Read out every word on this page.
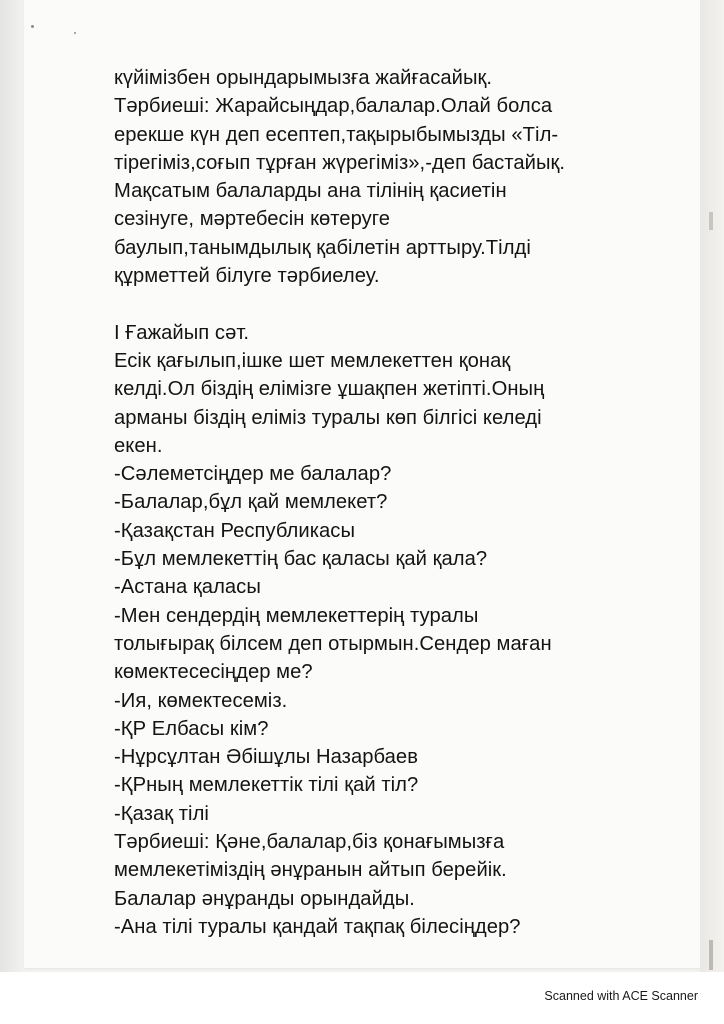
күйімізбен орындарымызға жайғасайық.
Тәрбиеші: Жарайсыңдар,балалар.Олай болса
ерекше күн деп есептеп,тақырыбымызды «Тіл-
тірегіміз,соғып тұрған жүрегіміз»,-деп бастайық.
Мақсатым балаларды ана тілінің қасиетін
сезінуге, мәртебесін көтеруге
баулып,танымдылық қабілетін арттыру.Тілді
құрметтей білуге тәрбиелеу.

І Ғажайып сәт.
Есік қағылып,ішке шет мемлекеттен қонақ
келді.Ол біздің елімізге ұшақпен жетіпті.Оның
арманы біздің еліміз туралы көп білгісі келеді
екен.
-Сәлеметсіңдер ме балалар?
-Балалар,бұл қай мемлекет?
-Қазақстан Республикасы
-Бұл мемлекеттің бас қаласы қай қала?
-Астана қаласы
-Мен сендердің мемлекеттерің туралы
толығырақ білсем деп отырмын.Сендер маған
көмектесесіңдер ме?
-Ия, көмектесеміз.
-ҚР Елбасы кім?
-Нұрсұлтан Әбішұлы Назарбаев
-ҚРның мемлекеттік тілі қай тіл?
-Қазақ тілі
Тәрбиеші: Қәне,балалар,біз қонағымызға
мемлекетіміздің әнұранын айтып берейік.
Балалар әнұранды орындайды.
-Ана тілі туралы қандай тақпақ білесіңдер?
Scanned with ACE Scanner
